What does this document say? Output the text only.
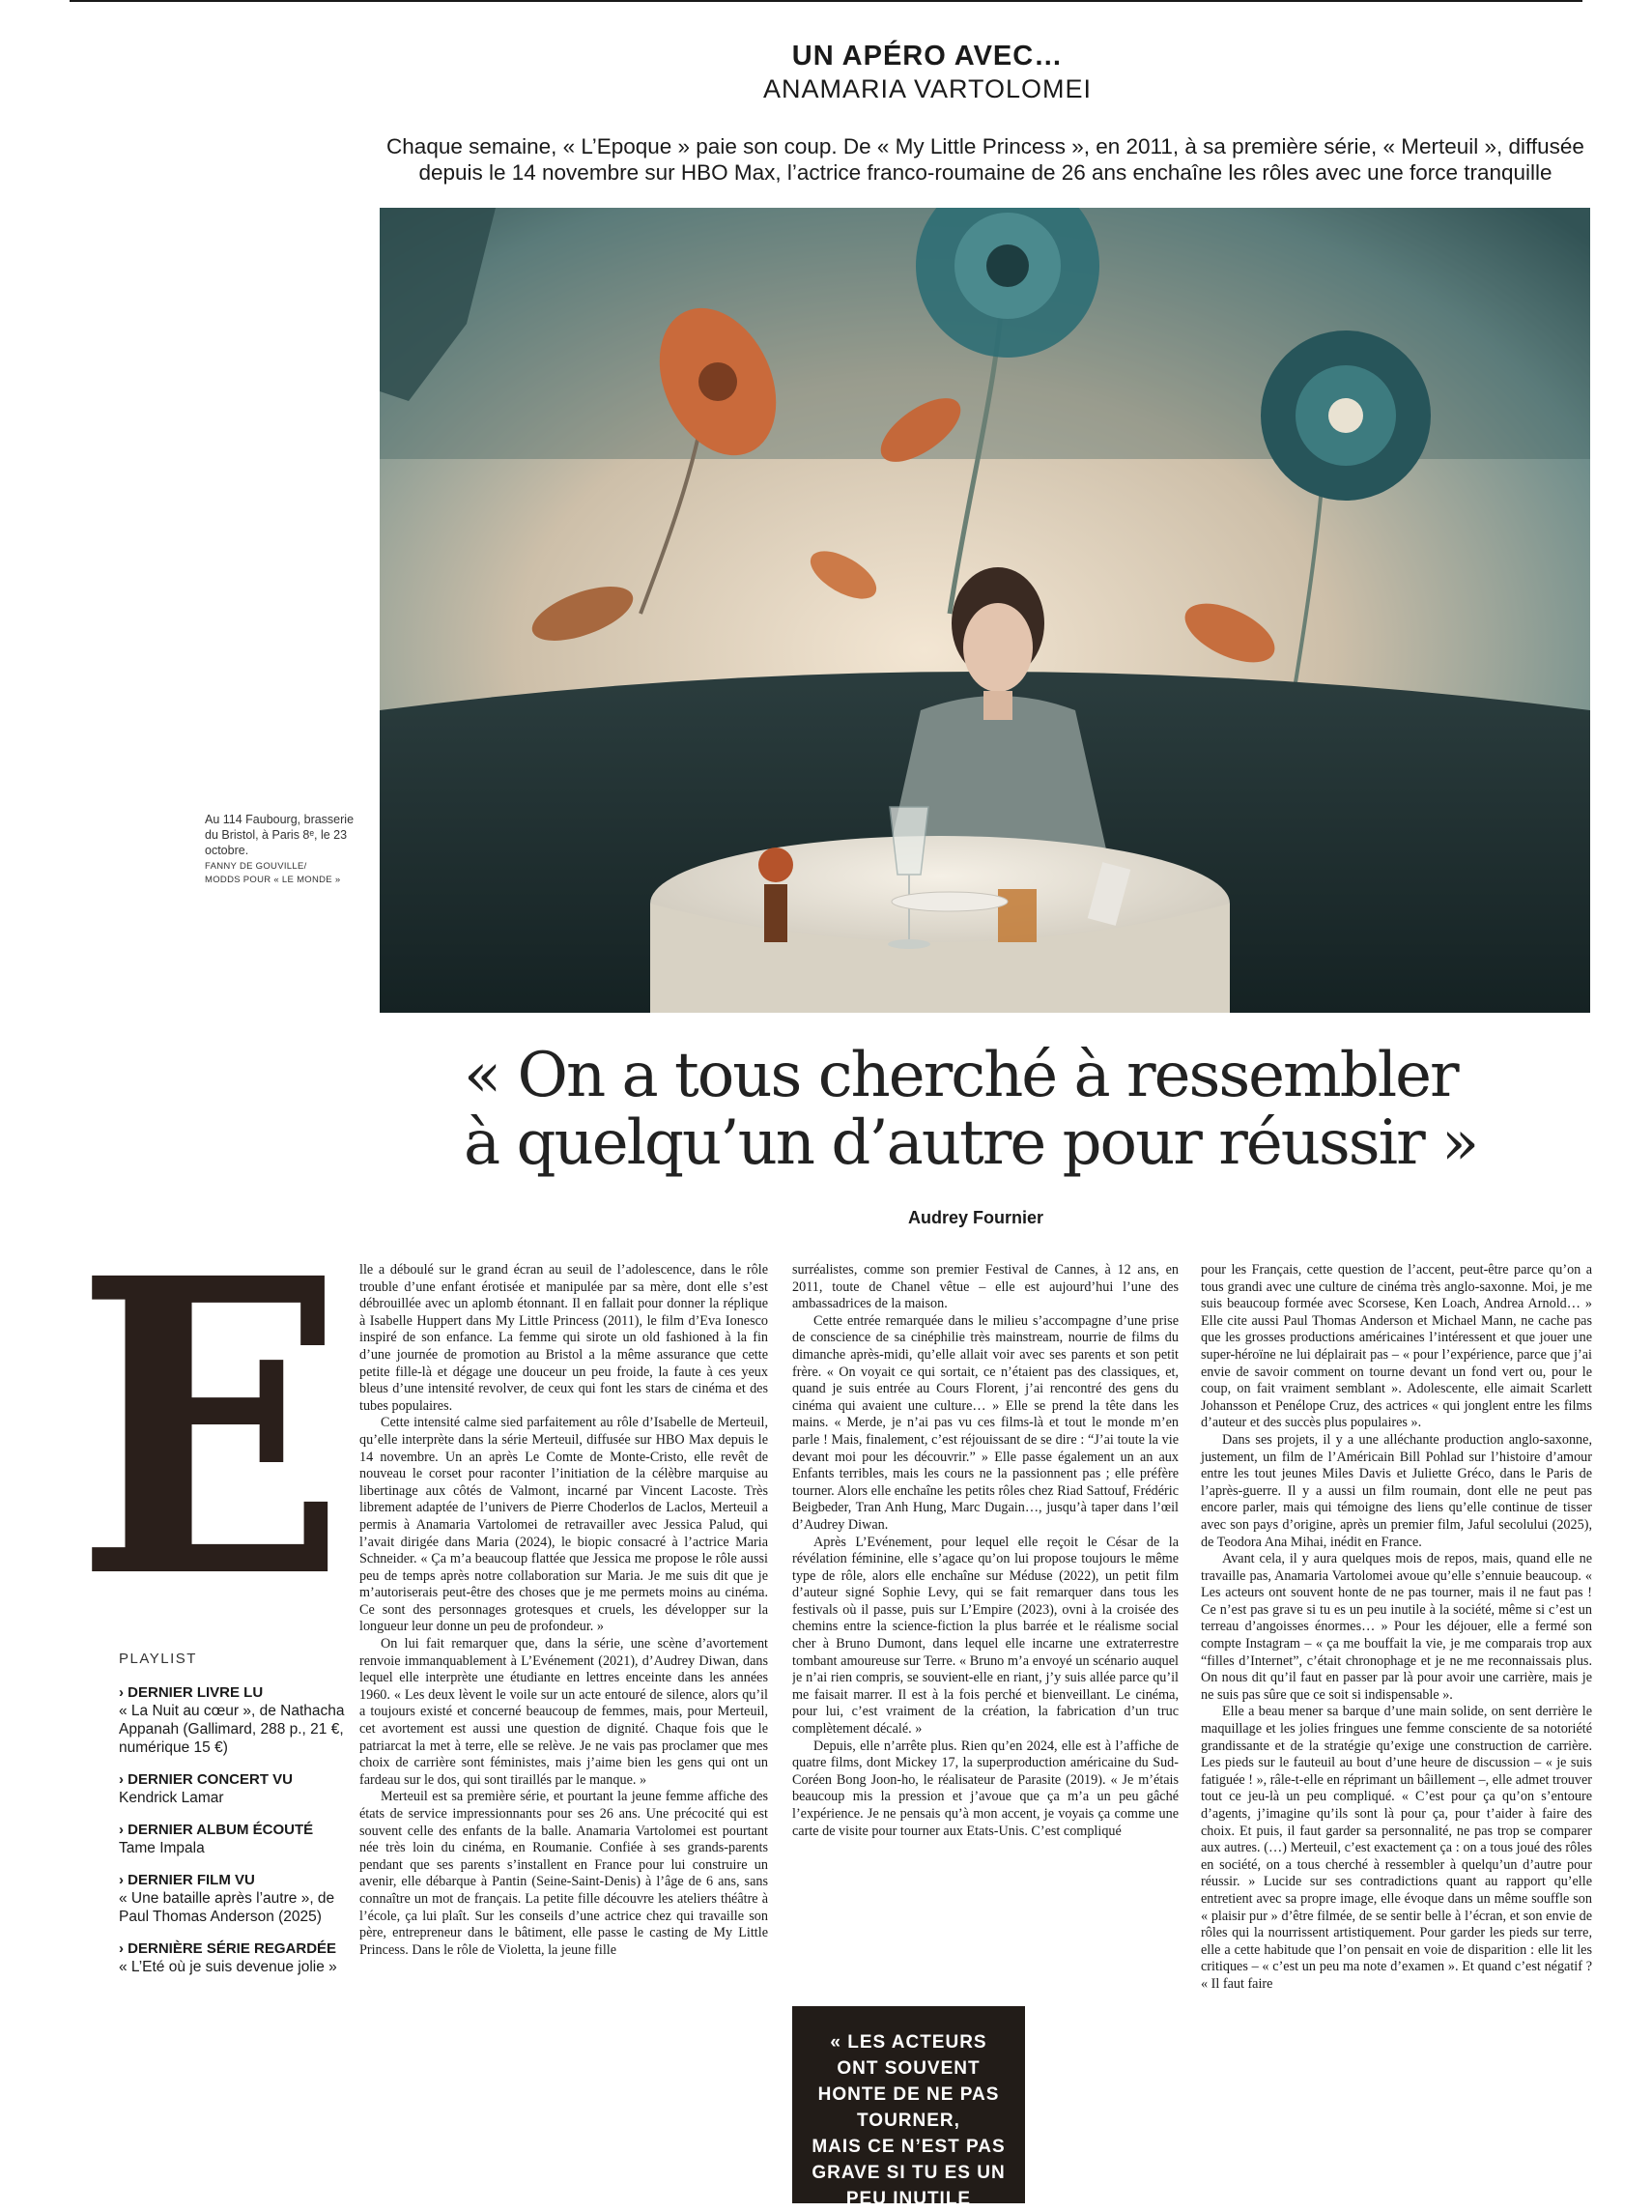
UN APÉRO AVEC…
ANAMARIA VARTOLOMEI
Chaque semaine, « L’Epoque » paie son coup. De « My Little Princess », en 2011, à sa première série, « Merteuil », diffusée
depuis le 14 novembre sur HBO Max, l’actrice franco-roumaine de 26 ans enchaîne les rôles avec une force tranquille
Au 114 Faubourg, brasserie du Bristol, à Paris 8ᵉ, le 23 octobre.
FANNY DE GOUVILLE/
MODDS POUR « LE MONDE »
« On a tous cherché à ressembler
à quelqu’un d’autre pour réussir »
Audrey Fournier
E lle a déboulé sur le grand écran au seuil de l’adolescence, dans le rôle trouble d’une enfant érotisée et manipulée par sa mère, dont elle s’est débrouillée avec un aplomb étonnant. Il en fallait pour donner la réplique à Isabelle Huppert dans My Little Princess (2011), le film d’Eva Ionesco inspiré de son enfance. La femme qui sirote un old fashioned à la fin d’une journée de promotion au Bristol a la même assurance que cette petite fille-là et dégage une douceur un peu froide, la faute à ces yeux bleus d’une intensité revolver, de ceux qui font les stars de cinéma et des tubes populaires.

Cette intensité calme sied parfaitement au rôle d’Isabelle de Merteuil, qu’elle interprète dans la série Merteuil, diffusée sur HBO Max depuis le 14 novembre. Un an après Le Comte de Monte-Cristo, elle revêt de nouveau le corset pour raconter l’initiation de la célèbre marquise au libertinage aux côtés de Valmont, incarné par Vincent Lacoste. Très librement adaptée de l’univers de Pierre Choderlos de Laclos, Merteuil a permis à Anamaria Vartolomei de retravailler avec Jessica Palud, qui l’avait dirigée dans Maria (2024), le biopic consacré à l’actrice Maria Schneider. « Ça m’a beaucoup flattée que Jessica me propose le rôle aussi peu de temps après notre collaboration sur Maria. Je me suis dit que je m’autoriserais peut-être des choses que je me permets moins au cinéma. Ce sont des personnages grotesques et cruels, les développer sur la longueur leur donne un peu de profondeur. »

On lui fait remarquer que, dans la série, une scène d’avortement renvoie immanquablement à L’Evénement (2021), d’Audrey Diwan, dans lequel elle interprète une étudiante en lettres enceinte dans les années 1960. « Les deux lèvent le voile sur un acte entouré de silence, alors qu’il a toujours existé et concerné beaucoup de femmes, mais, pour Merteuil, cet avortement est aussi une question de dignité. Chaque fois que le patriarcat la met à terre, elle se relève. Je ne vais pas proclamer que mes choix de carrière sont féministes, mais j’aime bien les gens qui ont un fardeau sur le dos, qui sont tiraillés par le manque. »

Merteuil est sa première série, et pourtant la jeune femme affiche des états de service impressionnants pour ses 26 ans. Une précocité qui est souvent celle des enfants de la balle. Anamaria Vartolomei est pourtant née très loin du cinéma, en Roumanie. Confiée à ses grands-parents pendant que ses parents s’installent en France pour lui construire un avenir, elle débarque à Pantin (Seine-Saint-Denis) à l’âge de 6 ans, sans connaître un mot de français. La petite fille découvre les ateliers théâtre à l’école, ça lui plaît. Sur les conseils d’une actrice chez qui travaille son père, entrepreneur dans le bâtiment, elle passe le casting de My Little Princess. Dans le rôle de Violetta, la jeune fille

surréalistes, comme son premier Festival de Cannes, à 12 ans, en 2011, toute de Chanel vêtue – elle est aujourd’hui l’une des ambassadrices de la maison.

Cette entrée remarquée dans le milieu s’accompagne d’une prise de conscience de sa cinéphilie très mainstream, nourrie de films du dimanche après-midi, qu’elle allait voir avec ses parents et son petit frère. « On voyait ce qui sortait, ce n’étaient pas des classiques, et, quand je suis entrée au Cours Florent, j’ai rencontré des gens du cinéma qui avaient une culture… » Elle se prend la tête dans les mains. « Merde, je n’ai pas vu ces films-là et tout le monde m’en parle ! Mais, finalement, c’est réjouissant de se dire : “J’ai toute la vie devant moi pour les découvrir.” » Elle passe également un an aux Enfants terribles, mais les cours ne la passionnent pas ; elle préfère tourner. Alors elle enchaîne les petits rôles chez Riad Sattouf, Frédéric Beigbeder, Tran Anh Hung, Marc Dugain…, jusqu’à taper dans l’œil d’Audrey Diwan.

Après L’Evénement, pour lequel elle reçoit le César de la révélation féminine, elle s’agace qu’on lui propose toujours le même type de rôle, alors elle enchaîne sur Méduse (2022), un petit film d’auteur signé Sophie Levy, qui se fait remarquer dans tous les festivals où il passe, puis sur L’Empire (2023), ovni à la croisée des chemins entre la science-fiction la plus barrée et le réalisme social cher à Bruno Dumont, dans lequel elle incarne une extraterrestre tombant amoureuse sur Terre. « Bruno m’a envoyé un scénario auquel je n’ai rien compris, se souvient-elle en riant, j’y suis allée parce qu’il me faisait marrer. Il est à la fois perché et bienveillant. Le cinéma, pour lui, c’est vraiment de la création, la fabrication d’un truc complètement décalé. »

Depuis, elle n’arrête plus. Rien qu’en 2024, elle est à l’affiche de quatre films, dont Mickey 17, la superproduction américaine du Sud-Coréen Bong Joon-ho, le réalisateur de Parasite (2019). « Je m’étais beaucoup mis la pression et j’avoue que ça m’a un peu gâché l’expérience. Je ne pensais qu’à mon accent, je voyais ça comme une carte de visite pour tourner aux Etats-Unis. C’est compliqué

« LES ACTEURS
ONT SOUVENT
HONTE DE NE PAS
TOURNER,
MAIS CE N’EST PAS
GRAVE SI TU ES UN
PEU INUTILE

pour les Français, cette question de l’accent, peut-être parce qu’on a tous grandi avec une culture de cinéma très anglo-saxonne. Moi, je me suis beaucoup formée avec Scorsese, Ken Loach, Andrea Arnold… » Elle cite aussi Paul Thomas Anderson et Michael Mann, ne cache pas que les grosses productions américaines l’intéressent et que jouer une super-héroïne ne lui déplairait pas – « pour l’expérience, parce que j’ai envie de savoir comment on tourne devant un fond vert ou, pour le coup, on fait vraiment semblant ». Adolescente, elle aimait Scarlett Johansson et Penélope Cruz, des actrices « qui jonglent entre les films d’auteur et des succès plus populaires ».

Dans ses projets, il y a une alléchante production anglo-saxonne, justement, un film de l’Américain Bill Pohlad sur l’histoire d’amour entre les tout jeunes Miles Davis et Juliette Gréco, dans le Paris de l’après-guerre. Il y a aussi un film roumain, dont elle ne peut pas encore parler, mais qui témoigne des liens qu’elle continue de tisser avec son pays d’origine, après un premier film, Jaful secolului (2025), de Teodora Ana Mihai, inédit en France.

Avant cela, il y aura quelques mois de repos, mais, quand elle ne travaille pas, Anamaria Vartolomei avoue qu’elle s’ennuie beaucoup. « Les acteurs ont souvent honte de ne pas tourner, mais il ne faut pas ! Ce n’est pas grave si tu es un peu inutile à la société, même si c’est un terreau d’angoisses énormes… » Pour les déjouer, elle a fermé son compte Instagram – « ça me bouffait la vie, je me comparais trop aux “filles d’Internet”, c’était chronophage et je ne me reconnaissais plus. On nous dit qu’il faut en passer par là pour avoir une carrière, mais je ne suis pas sûre que ce soit si indispensable ».

Elle a beau mener sa barque d’une main solide, on sent derrière le maquillage et les jolies fringues une femme consciente de sa notoriété grandissante et de la stratégie qu’exige une construction de carrière. Les pieds sur le fauteuil au bout d’une heure de discussion – « je suis fatiguée ! », râle-t-elle en réprimant un bâillement –, elle admet trouver tout ce jeu-là un peu compliqué. « C’est pour ça qu’on s’entoure d’agents, j’imagine qu’ils sont là pour ça, pour t’aider à faire des choix. Et puis, il faut garder sa personnalité, ne pas trop se comparer aux autres. (…) Merteuil, c’est exactement ça : on a tous joué des rôles en société, on a tous cherché à ressembler à quelqu’un d’autre pour réussir. » Lucide sur ses contradictions quant au rapport qu’elle entretient avec sa propre image, elle évoque dans un même souffle son « plaisir pur » d’être filmée, de se sentir belle à l’écran, et son envie de rôles qui la nourrissent artistiquement. Pour garder les pieds sur terre, elle a cette habitude que l’on pensait en voie de disparition : elle lit les critiques – « c’est un peu ma note d’examen ». Et quand c’est négatif ? « Il faut faire

PLAYLIST
› DERNIER LIVRE LU
« La Nuit au cœur », de Nathacha Appanah (Gallimard, 288 p., 21 €, numérique 15 €)
› DERNIER CONCERT VU
Kendrick Lamar
› DERNIER ALBUM ÉCOUTÉ
Tame Impala
› DERNIER FILM VU
« Une bataille après l’autre », de Paul Thomas Anderson (2025)
› DERNIÈRE SÉRIE REGARDÉE
« L’Eté où je suis devenue jolie »
